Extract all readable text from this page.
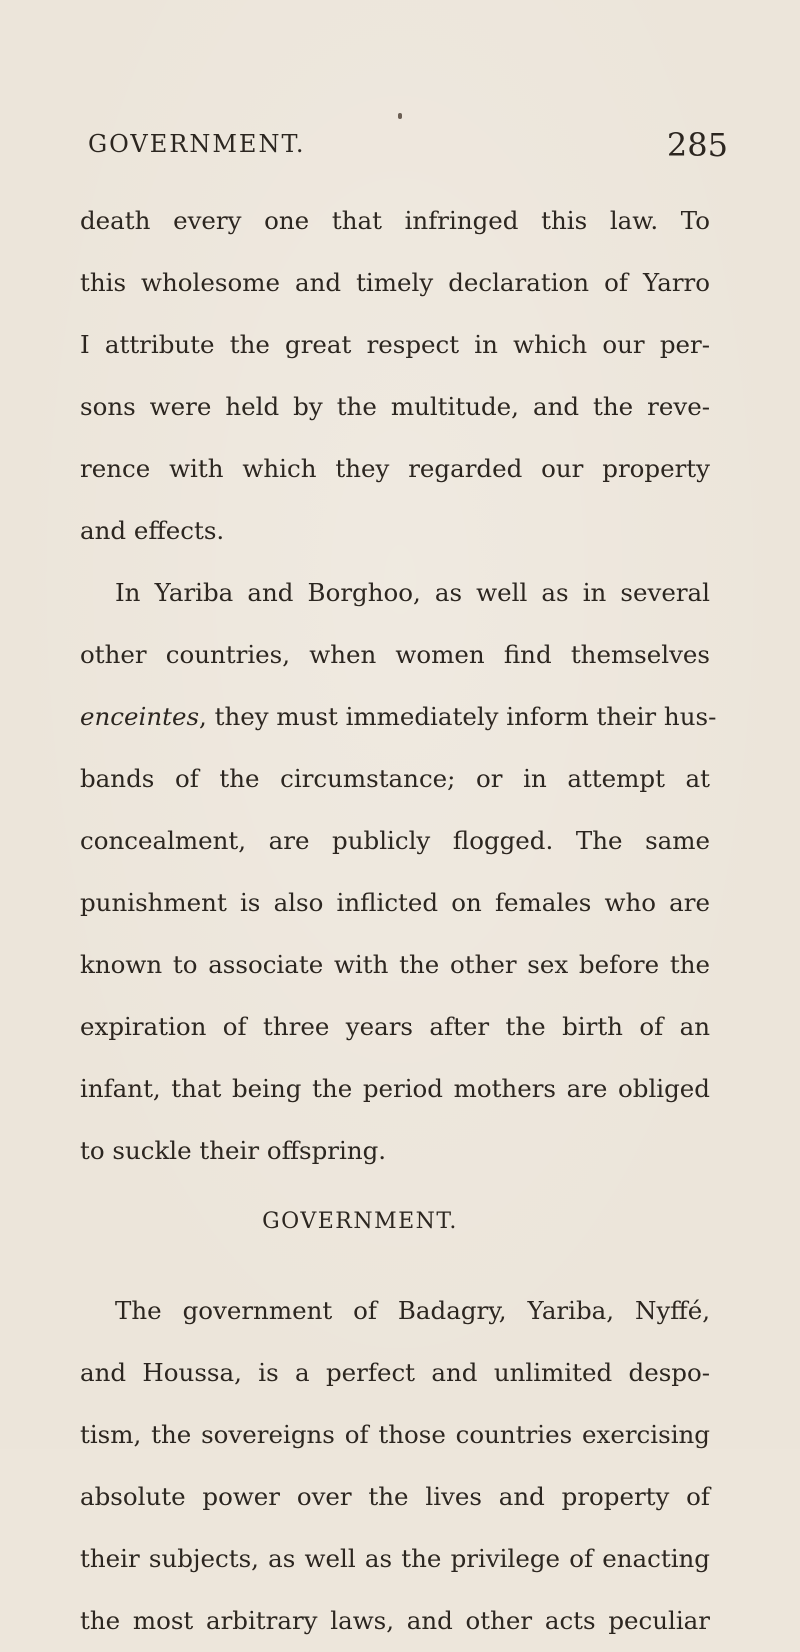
GOVERNMENT.	285
death every one that infringed this law. To
this wholesome and timely declaration of Yarro
I attribute the great respect in which our per-
sons were held by the multitude, and the reve-
rence with which they regarded our property
and effects.
In Yariba and Borghoo, as well as in several
other countries, when women find themselves
enceintes, they must immediately inform their hus-
bands of the circumstance; or in attempt at
concealment, are publicly flogged. The same
punishment is also inflicted on females who are
known to associate with the other sex before the
expiration of three years after the birth of an
infant, that being the period mothers are obliged
to suckle their offspring.
GOVERNMENT.
The government of Badagry, Yariba, Nyffé,
and Houssa, is a perfect and unlimited despo-
tism, the sovereigns of those countries exercising
absolute power over the lives and property of
their subjects, as well as the privilege of enacting
the most arbitrary laws, and other acts peculiar
